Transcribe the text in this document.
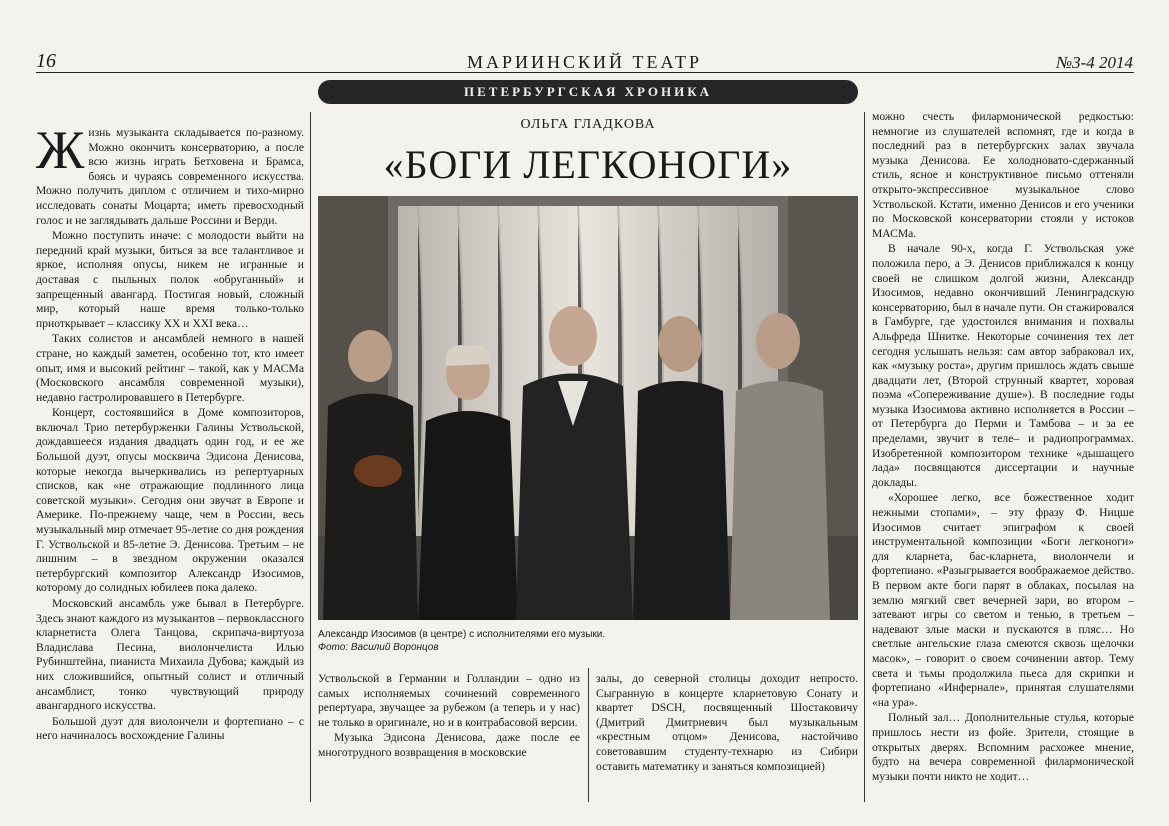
16	МАРИИНСКИЙ ТЕАТР	№3-4 2014
ПЕТЕРБУРГСКАЯ ХРОНИКА

Жизнь музыканта складывается по-разному. Можно окончить консерваторию, а после всю жизнь играть Бетховена и Брамса, боясь и чураясь современного искусства. Можно получить диплом с отличием и тихо-мирно исследовать сонаты Моцарта; иметь превосходный голос и не заглядывать дальше Россини и Верди.

Можно поступить иначе: с молодости выйти на передний край музыки, биться за все талантливое и яркое, исполняя опусы, никем не игранные и доставая с пыльных полок «обруганный» и запрещенный авангард. Постигая новый, сложный мир, который наше время только-только приоткрывает – классику XX и XXI века…

Таких солистов и ансамблей немного в нашей стране, но каждый заметен, особенно тот, кто имеет опыт, имя и высокий рейтинг – такой, как у МАСМа (Московского ансамбля современной музыки), недавно гастролировавшего в Петербурге.

Концерт, состоявшийся в Доме композиторов, включал Трио петербурженки Галины Уствольской, дождавшееся издания двадцать один год, и ее же Большой дуэт, опусы москвича Эдисона Денисова, которые некогда вычеркивались из репертуарных списков, как «не отражающие подлинного лица советской музыки». Сегодня они звучат в Европе и Америке. По-прежнему чаще, чем в России, весь музыкальный мир отмечает 95-летие со дня рождения Г. Уствольской и 85-летие Э. Денисова. Третьим – не лишним – в звездном окружении оказался петербургский композитор Александр Изосимов, которому до солидных юбилеев пока далеко.

Московский ансамбль уже бывал в Петербурге. Здесь знают каждого из музыкантов – первоклассного кларнетиста Олега Танцова, скрипача-виртуоза Владислава Песина, виолончелиста Илью Рубинштейна, пианиста Михаила Дубова; каждый из них сложившийся, опытный солист и отличный ансамблист, тонко чувствующий природу авангардного искусства.

Большой дуэт для виолончели и фортепиано – с него начиналось восхождение Галины

ОЛЬГА ГЛАДКОВА
«БОГИ ЛЕГКОНОГИ»
Александр Изосимов (в центре) с исполнителями его музыки.
Фото: Василий Воронцов

Уствольской в Германии и Голландии – одно из самых исполняемых сочинений современного репертуара, звучащее за рубежом (а теперь и у нас) не только в оригинале, но и в контрабасовой версии.

Музыка Эдисона Денисова, даже после ее многотрудного возвращения в московские

залы, до северной столицы доходит непросто. Сыгранную в концерте кларнетовую Сонату и квартет DSCH, посвященный Шостаковичу (Дмитрий Дмитриевич был музыкальным «крестным отцом» Денисова, настойчиво советовавшим студенту-технарю из Сибири оставить математику и заняться композицией)

можно счесть филармонической редкостью: немногие из слушателей вспомнят, где и когда в последний раз в петербургских залах звучала музыка Денисова. Ее холодновато-сдержанный стиль, ясное и конструктивное письмо оттеняли открыто-экспрессивное музыкальное слово Уствольской. Кстати, именно Денисов и его ученики по Московской консерватории стояли у истоков МАСМа.

В начале 90-х, когда Г. Уствольская уже положила перо, а Э. Денисов приближался к концу своей не слишком долгой жизни, Александр Изосимов, недавно окончивший Ленинградскую консерваторию, был в начале пути. Он стажировался в Гамбурге, где удостоился внимания и похвалы Альфреда Шнитке. Некоторые сочинения тех лет сегодня услышать нельзя: сам автор забраковал их, как «музыку роста», другим пришлось ждать свыше двадцати лет, (Второй струнный квартет, хоровая поэма «Сопереживание душе»). В последние годы музыка Изосимова активно исполняется в России – от Петербурга до Перми и Тамбова – и за ее пределами, звучит в теле– и радиопрограммах. Изобретенной композитором технике «дышащего лада» посвящаются диссертации и научные доклады.

«Хорошее легко, все божественное ходит нежными стопами», – эту фразу Ф. Ницше Изосимов считает эпиграфом к своей инструментальной композиции «Боги легконоги» для кларнета, бас-кларнета, виолончели и фортепиано. «Разыгрывается воображаемое действо. В первом акте боги парят в облаках, посылая на землю мягкий свет вечерней зари, во втором – затевают игры со светом и тенью, в третьем – надевают злые маски и пускаются в пляс… Но светлые ангельские глаза смеются сквозь щелочки масок», – говорит о своем сочинении автор. Тему света и тьмы продолжила пьеса для скрипки и фортепиано «Инфернале», принятая слушателями «на ура».

Полный зал… Дополнительные стулья, которые пришлось нести из фойе. Зрители, стоящие в открытых дверях. Вспомним расхожее мнение, будто на вечера современной филармонической музыки почти никто не ходит…
